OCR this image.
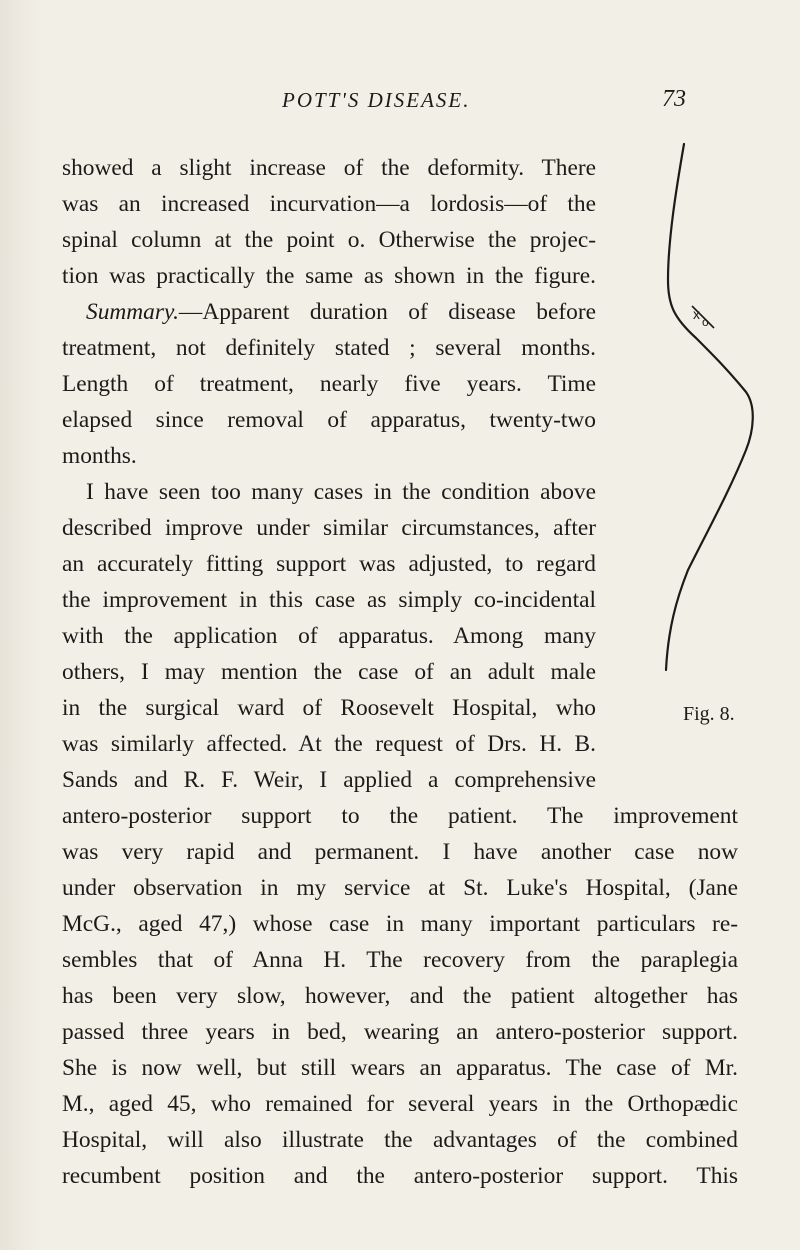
POTT'S DISEASE.	73
showed a slight increase of the deformity. There
was an increased incurvation—a lordosis—of the
spinal column at the point o. Otherwise the projec-
tion was practically the same as shown in the figure.
Summary.—Apparent duration of disease before
treatment, not definitely stated ; several months.
Length of treatment, nearly five years. Time
elapsed since removal of apparatus, twenty-two
months.
I have seen too many cases in the condition above
described improve under similar circumstances, after
an accurately fitting support was adjusted, to regard
the improvement in this case as simply co-incidental
with the application of apparatus. Among many
others, I may mention the case of an adult male
in the surgical ward of Roosevelt Hospital, who
was similarly affected. At the request of Drs. H. B.
Sands and R. F. Weir, I applied a comprehensive
antero-posterior support to the patient. The improvement
was very rapid and permanent. I have another case now
under observation in my service at St. Luke's Hospital, (Jane
McG., aged 47,) whose case in many important particulars re-
sembles that of Anna H. The recovery from the paraplegia
has been very slow, however, and the patient altogether has
passed three years in bed, wearing an antero-posterior support.
She is now well, but still wears an apparatus. The case of Mr.
M., aged 45, who remained for several years in the Orthopædic
Hospital, will also illustrate the advantages of the combined
recumbent position and the antero-posterior support. This
x o
Fig. 8.
